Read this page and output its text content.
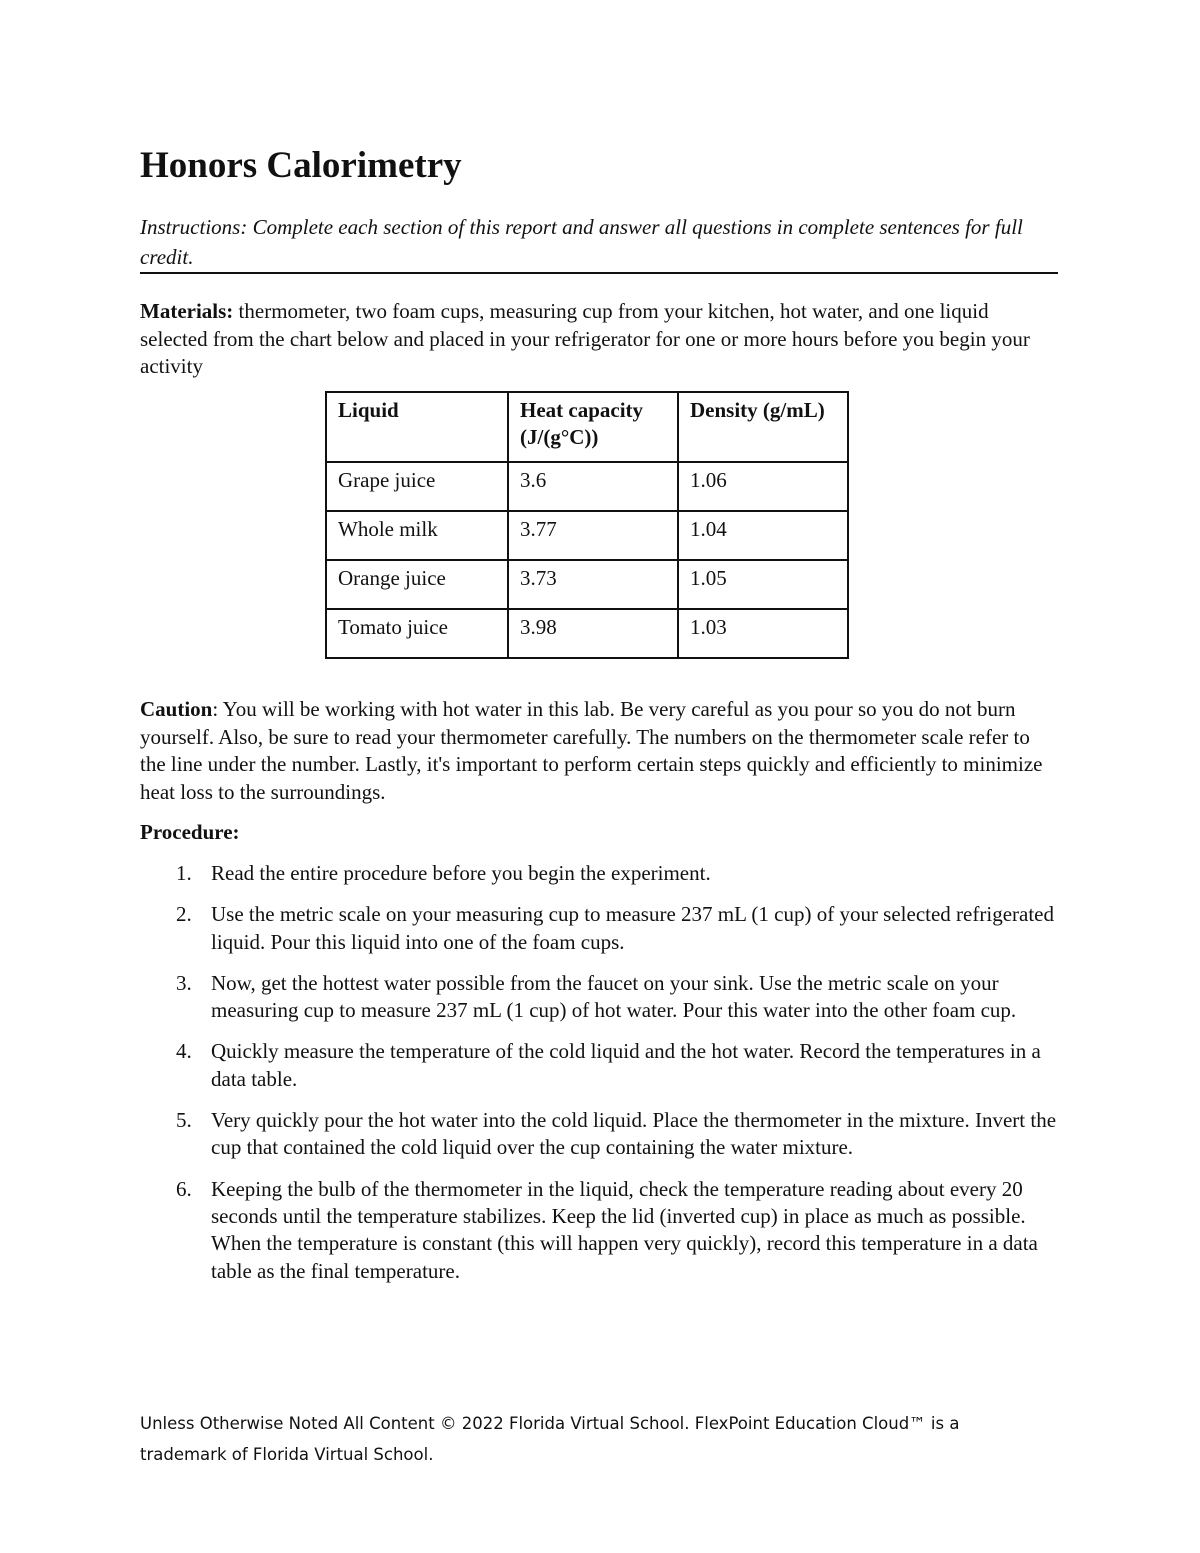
Honors Calorimetry

Instructions: Complete each section of this report and answer all questions in complete sentences for full credit.

Materials: thermometer, two foam cups, measuring cup from your kitchen, hot water, and one liquid selected from the chart below and placed in your refrigerator for one or more hours before you begin your activity

Liquid	Heat capacity (J/(g°C))	Density (g/mL)
Grape juice	3.6	1.06
Whole milk	3.77	1.04
Orange juice	3.73	1.05
Tomato juice	3.98	1.03

Caution: You will be working with hot water in this lab. Be very careful as you pour so you do not burn yourself. Also, be sure to read your thermometer carefully. The numbers on the thermometer scale refer to the line under the number. Lastly, it's important to perform certain steps quickly and efficiently to minimize heat loss to the surroundings.

Procedure:

1. Read the entire procedure before you begin the experiment.
2. Use the metric scale on your measuring cup to measure 237 mL (1 cup) of your selected refrigerated liquid. Pour this liquid into one of the foam cups.
3. Now, get the hottest water possible from the faucet on your sink. Use the metric scale on your measuring cup to measure 237 mL (1 cup) of hot water. Pour this water into the other foam cup.
4. Quickly measure the temperature of the cold liquid and the hot water. Record the temperatures in a data table.
5. Very quickly pour the hot water into the cold liquid. Place the thermometer in the mixture. Invert the cup that contained the cold liquid over the cup containing the water mixture.
6. Keeping the bulb of the thermometer in the liquid, check the temperature reading about every 20 seconds until the temperature stabilizes. Keep the lid (inverted cup) in place as much as possible. When the temperature is constant (this will happen very quickly), record this temperature in a data table as the final temperature.

Unless Otherwise Noted All Content © 2022 Florida Virtual School. FlexPoint Education Cloud™ is a trademark of Florida Virtual School.
